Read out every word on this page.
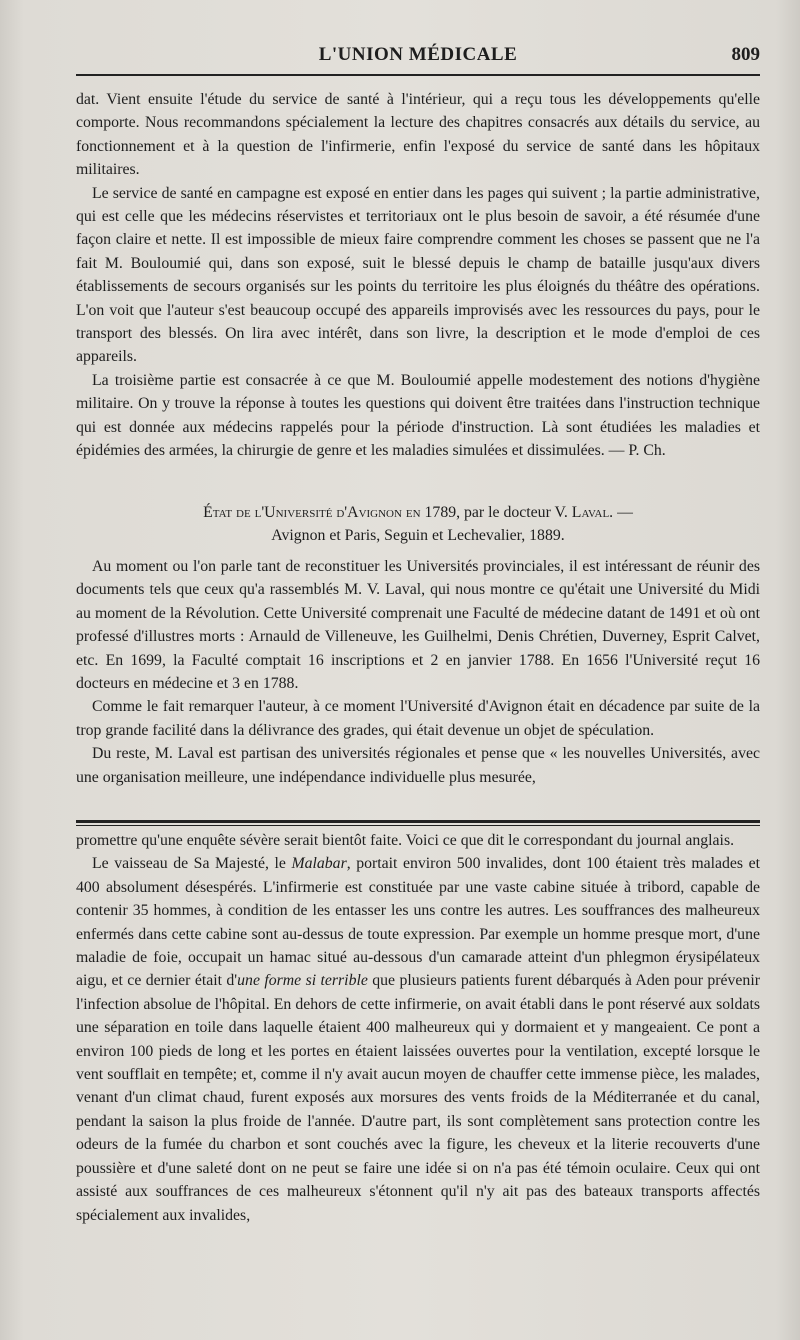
L'UNION MÉDICALE	809

dat. Vient ensuite l'étude du service de santé à l'intérieur, qui a reçu tous les développements qu'elle comporte. Nous recommandons spécialement la lecture des chapitres consacrés aux détails du service, au fonctionnement et à la question de l'infirmerie, enfin l'exposé du service de santé dans les hôpitaux militaires.

Le service de santé en campagne est exposé en entier dans les pages qui suivent ; la partie administrative, qui est celle que les médecins réservistes et territoriaux ont le plus besoin de savoir, a été résumée d'une façon claire et nette. Il est impossible de mieux faire comprendre comment les choses se passent que ne l'a fait M. Bouloumié qui, dans son exposé, suit le blessé depuis le champ de bataille jusqu'aux divers établissements de secours organisés sur les points du territoire les plus éloignés du théâtre des opérations. L'on voit que l'auteur s'est beaucoup occupé des appareils improvisés avec les ressources du pays, pour le transport des blessés. On lira avec intérêt, dans son livre, la description et le mode d'emploi de ces appareils.

La troisième partie est consacrée à ce que M. Bouloumié appelle modestement des notions d'hygiène militaire. On y trouve la réponse à toutes les questions qui doivent être traitées dans l'instruction technique qui est donnée aux médecins rappelés pour la période d'instruction. Là sont étudiées les maladies et épidémies des armées, la chirurgie de genre et les maladies simulées et dissimulées. — P. Ch.

État de l'Université d'Avignon en 1789, par le docteur V. Laval. —
Avignon et Paris, Seguin et Lechevalier, 1889.

Au moment ou l'on parle tant de reconstituer les Universités provinciales, il est intéressant de réunir des documents tels que ceux qu'a rassemblés M. V. Laval, qui nous montre ce qu'était une Université du Midi au moment de la Révolution. Cette Université comprenait une Faculté de médecine datant de 1491 et où ont professé d'illustres morts : Arnauld de Villeneuve, les Guilhelmi, Denis Chrétien, Duverney, Esprit Calvet, etc. En 1699, la Faculté comptait 16 inscriptions et 2 en janvier 1788. En 1656 l'Université reçut 16 docteurs en médecine et 3 en 1788.

Comme le fait remarquer l'auteur, à ce moment l'Université d'Avignon était en décadence par suite de la trop grande facilité dans la délivrance des grades, qui était devenue un objet de spéculation.

Du reste, M. Laval est partisan des universités régionales et pense que « les nouvelles Universités, avec une organisation meilleure, une indépendance individuelle plus mesurée,

promettre qu'une enquête sévère serait bientôt faite. Voici ce que dit le correspondant du journal anglais.

Le vaisseau de Sa Majesté, le Malabar, portait environ 500 invalides, dont 100 étaient très malades et 400 absolument désespérés. L'infirmerie est constituée par une vaste cabine située à tribord, capable de contenir 35 hommes, à condition de les entasser les uns contre les autres. Les souffrances des malheureux enfermés dans cette cabine sont au-dessus de toute expression. Par exemple un homme presque mort, d'une maladie de foie, occupait un hamac situé au-dessous d'un camarade atteint d'un phlegmon érysipélateux aigu, et ce dernier était d'une forme si terrible que plusieurs patients furent débarqués à Aden pour prévenir l'infection absolue de l'hôpital. En dehors de cette infirmerie, on avait établi dans le pont réservé aux soldats une séparation en toile dans laquelle étaient 400 malheureux qui y dormaient et y mangeaient. Ce pont a environ 100 pieds de long et les portes en étaient laissées ouvertes pour la ventilation, excepté lorsque le vent soufflait en tempête; et, comme il n'y avait aucun moyen de chauffer cette immense pièce, les malades, venant d'un climat chaud, furent exposés aux morsures des vents froids de la Méditerranée et du canal, pendant la saison la plus froide de l'année. D'autre part, ils sont complètement sans protection contre les odeurs de la fumée du charbon et sont couchés avec la figure, les cheveux et la literie recouverts d'une poussière et d'une saleté dont on ne peut se faire une idée si on n'a pas été témoin oculaire. Ceux qui ont assisté aux souffrances de ces malheureux s'étonnent qu'il n'y ait pas des bateaux transports affectés spécialement aux invalides,
